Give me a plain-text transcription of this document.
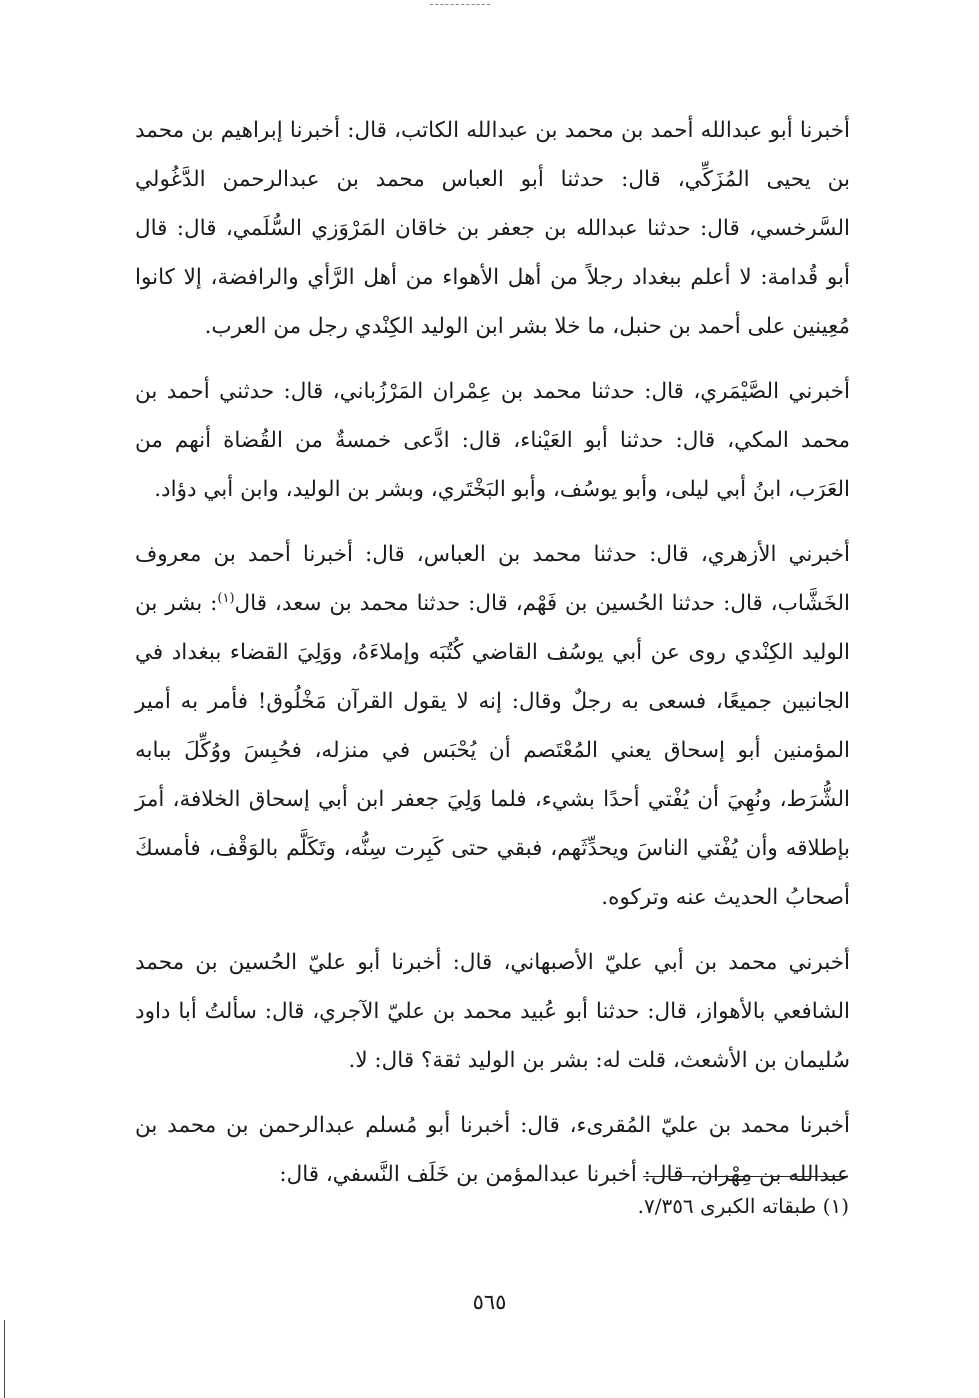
أخبرنا أبو عبدالله أحمد بن محمد بن عبدالله الكاتب، قال: أخبرنا إبراهيم بن محمد بن يحيى المُزَكِّي، قال: حدثنا أبو العباس محمد بن عبدالرحمن الدَّغُولي السَّرخسي، قال: حدثنا عبدالله بن جعفر بن خاقان المَرْوَزي السُّلَمي، قال: قال أبو قُدامة: لا أعلم ببغداد رجلاً من أهل الأهواء من أهل الرَّأي والرافضة، إلا كانوا مُعِينين على أحمد بن حنبل، ما خلا بشر ابن الوليد الكِنْدي رجل من العرب.

أخبرني الصَّيْمَري، قال: حدثنا محمد بن عِمْران المَرْزُباني، قال: حدثني أحمد بن محمد المكي، قال: حدثنا أبو العَيْناء، قال: ادَّعى خمسةٌ من القُضاة أنهم من العَرَب، ابنُ أبي ليلى، وأبو يوسُف، وأبو البَخْتَري، وبشر بن الوليد، وابن أبي دؤاد.

أخبرني الأزهري، قال: حدثنا محمد بن العباس، قال: أخبرنا أحمد بن معروف الخَشَّاب، قال: حدثنا الحُسين بن فَهْم، قال: حدثنا محمد بن سعد، قال$^{(١)}$: بشر بن الوليد الكِنْدي روى عن أبي يوسُف القاضي كُتُبَه وإملاءَهُ، ووَلِيَ القضاء ببغداد في الجانبين جميعًا، فسعى به رجلٌ وقال: إنه لا يقول القرآن مَخْلُوق! فأمر به أمير المؤمنين أبو إسحاق يعني المُعْتَصم أن يُحْبَس في منزله، فحُبِسَ ووُكِّلَ ببابه الشُّرَط، ونُهِيَ أن يُفْتي أحدًا بشيء، فلما وَلِيَ جعفر ابن أبي إسحاق الخلافة، أمرَ بإطلاقه وأن يُفْتي الناسَ ويحدِّثَهم، فبقي حتى كَبِرت سِنُّه، وتَكَلَّم بالوَقْف، فأمسكَ أصحابُ الحديث عنه وتركوه.

أخبرني محمد بن أبي عليّ الأصبهاني، قال: أخبرنا أبو عليّ الحُسين بن محمد الشافعي بالأهواز، قال: حدثنا أبو عُبيد محمد بن عليّ الآجري، قال: سألتُ أبا داود سُليمان بن الأشعث، قلت له: بشر بن الوليد ثقة؟ قال: لا.

أخبرنا محمد بن عليّ المُقرىء، قال: أخبرنا أبو مُسلم عبدالرحمن بن محمد بن عبدالله بن مِهْران، قال: أخبرنا عبدالمؤمن بن خَلَف النَّسفي، قال:

(١) طبقاته الكبرى ٧/٣٥٦.
٥٦٥
